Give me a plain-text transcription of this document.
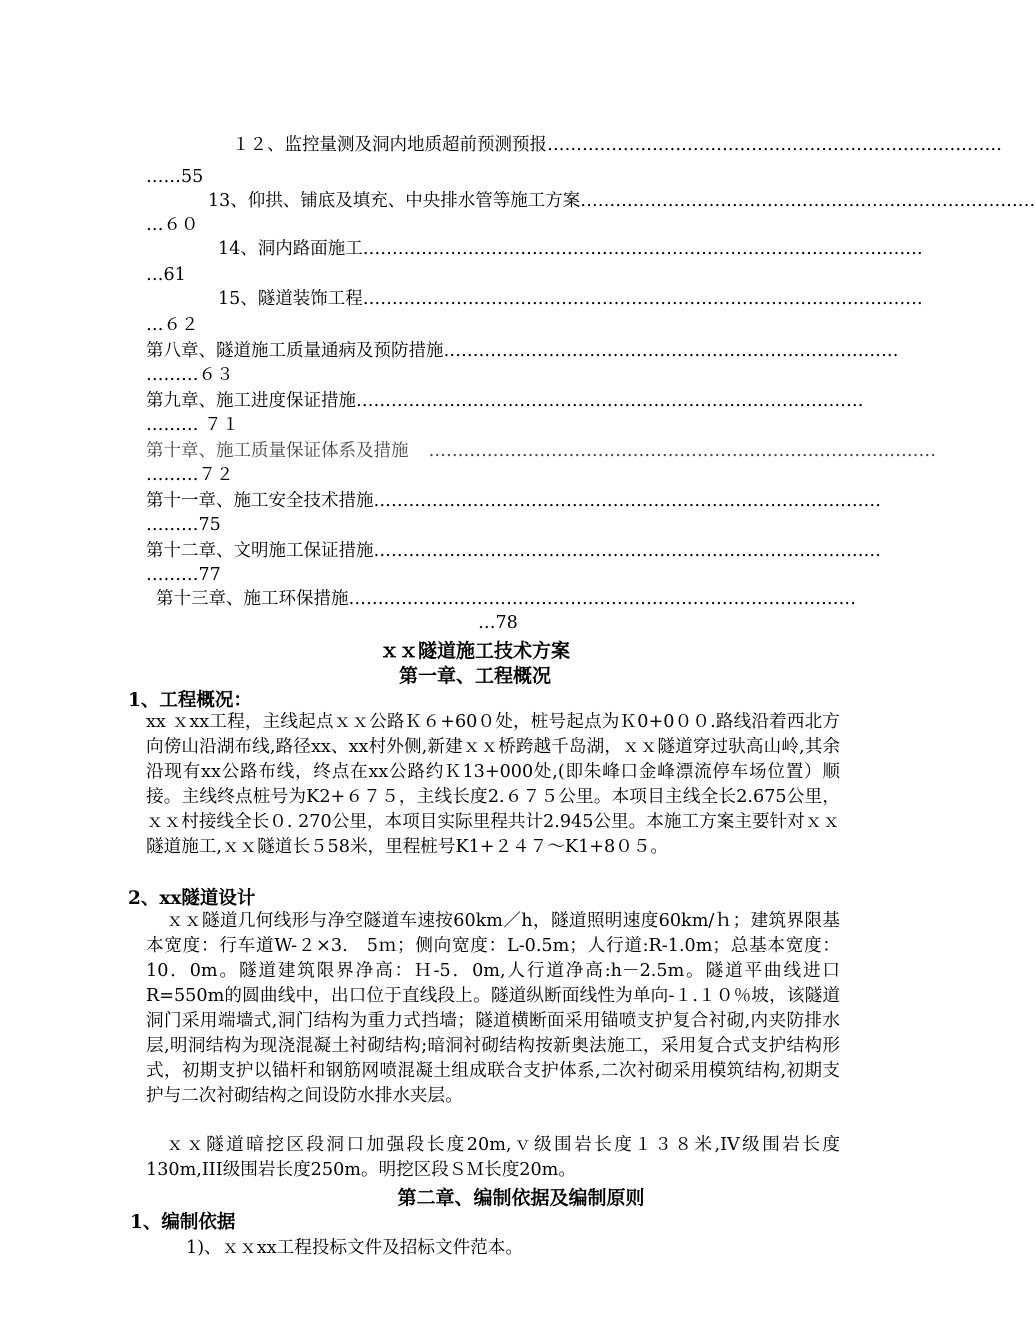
１２、监控量测及洞内地质超前预测预报 ……………………………………………………………………
……55
13、仰拱、铺底及填充、中央排水管等施工方案 ……………………………………………………………………
…６０
14、洞内路面施工 ……………………………………………………………………………………
…61
15、隧道装饰工程 ……………………………………………………………………………………
…６２
第八章、隧道施工质量通病及预防措施 ……………………………………………………………………
………６３
第九章、施工进度保证措施 ……………………………………………………………………………
……… ７１
第十章、施工质量保证体系及措施	……………………………………………………………………………
………７２
第十一章、施工安全技术措施 ……………………………………………………………………………
………75
第十二章、文明施工保证措施 ……………………………………………………………………………
………77
第十三章、施工环保措施 ……………………………………………………………………………
…78
ｘｘ隧道施工技术方案
第一章、工程概况
1、工程概况：
xx ｘxx工程，主线起点ｘｘ公路Ｋ６+60０处，桩号起点为Ｋ0+0００.路线沿着西北方向傍山沿湖布线,路径xx、xx村外侧,新建ｘｘ桥跨越千岛湖，ｘｘ隧道穿过驮高山岭,其余沿现有xx公路布线，终点在xx公路约Ｋ13+000处,(即朱峰口金峰漂流停车场位置）顺接。主线终点桩号为K2+６７５，主线长度2.６７５公里。本项目主线全长2.675公里，ｘｘ村接线全长０. 270公里，本项目实际里程共计2.945公里。本施工方案主要针对ｘｘ隧道施工,ｘｘ隧道长５58米，里程桩号K1+２４７～K1+8０５。
2、xx隧道设计
ｘｘ隧道几何线形与净空隧道车速按60km／h，隧道照明速度60km/ｈ；建筑界限基本宽度：行车道W-２×3.　5ｍ；侧向宽度：L-0.5m；人行道:R-1.0m；总基本宽度：10．0m。隧道建筑限界净高：Ｈ-5．0m,人行道净高:h－2.5m。隧道平曲线进口R=550m的圆曲线中，出口位于直线段上。隧道纵断面线性为单向-１.１０％坡，该隧道洞门采用端墙式,洞门结构为重力式挡墙；隧道横断面采用锚喷支护复合衬砌,内夹防排水层,明洞结构为现浇混凝土衬砌结构;暗洞衬砌结构按新奥法施工，采用复合式支护结构形式，初期支护以锚杆和钢筋网喷混凝土组成联合支护体系,二次衬砌采用模筑结构,初期支护与二次衬砌结构之间设防水排水夹层。
ｘｘ隧道暗挖区段洞口加强段长度20m,ｖ级围岩长度１３８米,IV级围岩长度130m,III级围岩长度250m。明挖区段ＳＭ长度20m。
第二章、编制依据及编制原则
1、编制依据
1)、ｘｘxx工程投标文件及招标文件范本。
